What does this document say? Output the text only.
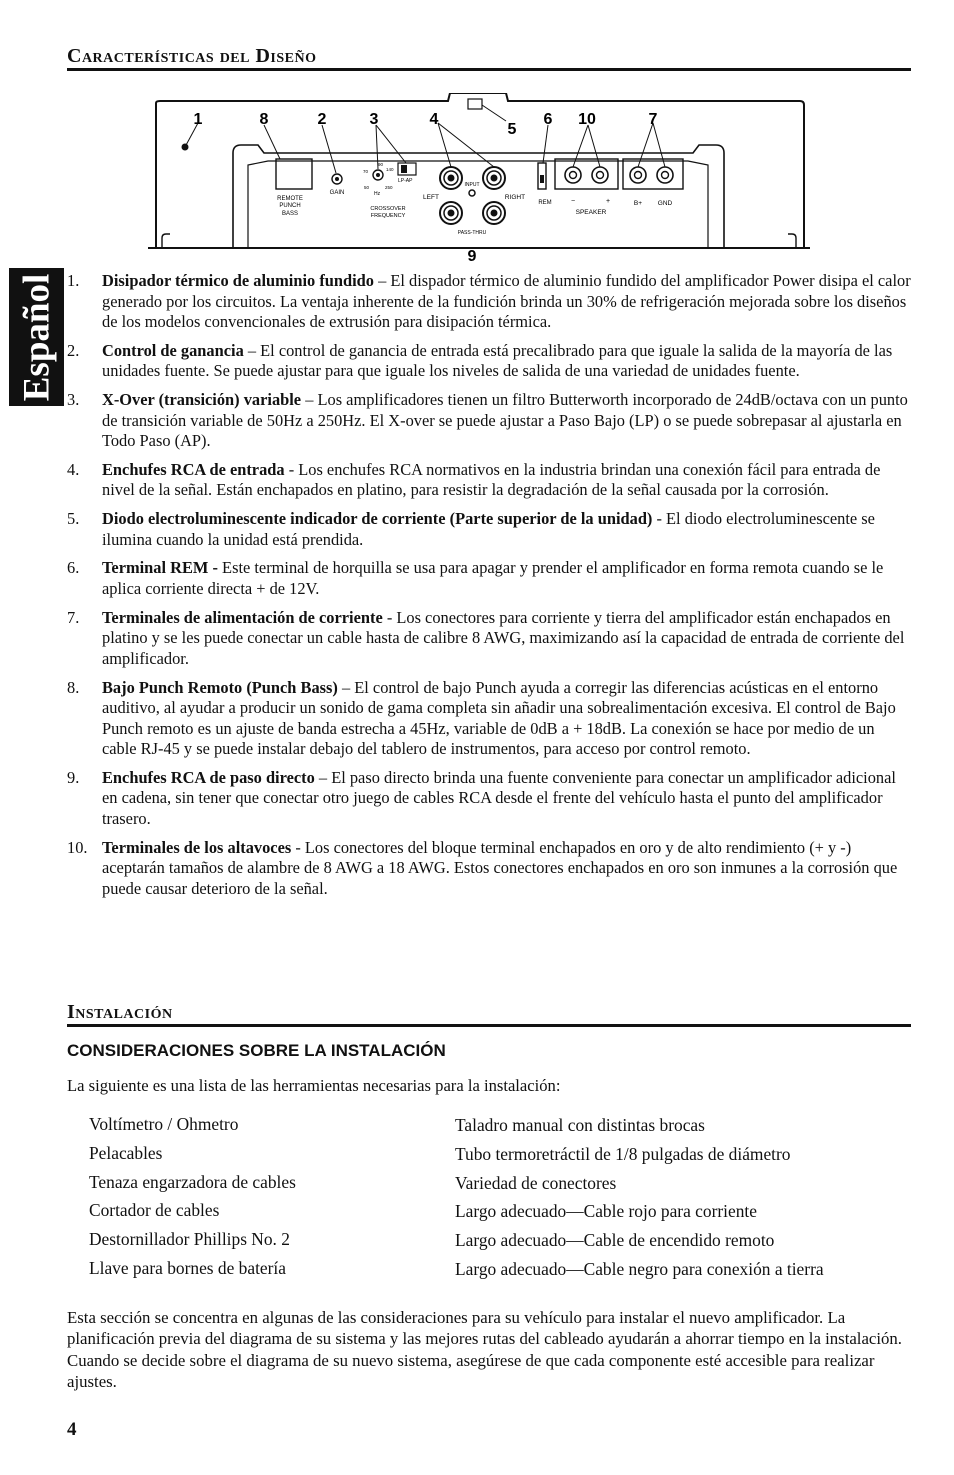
Español
Características del Diseño
REMOTE
PUNCH
BASS
GAIN
70
90
140
50	250
Hz
LP-AP
CROSSOVER
FREQUENCY
INPUT
LEFT	RIGHT
PASS-THRU
REM	−	+
SPEAKER
B+ GND
1	8	2	3	4
5
6 10	7
9
1.	Disipador térmico de aluminio fundido – El dispador térmico de aluminio fundido del amplificador Power disipa el calor generado por los circuitos. La ventaja inherente de la fundición brinda un 30% de refrigeración mejorada sobre los diseños de los modelos convencionales de extrusión para disipación térmica.
2.	Control de ganancia – El control de ganancia de entrada está precalibrado para que iguale la salida de la mayoría de las unidades fuente. Se puede ajustar para que iguale los niveles de salida de una variedad de unidades fuente.
3.	X-Over (transición) variable – Los amplificadores tienen un filtro Butterworth incorporado de 24dB/octava con un punto de transición variable de 50Hz a 250Hz. El X-over se puede ajustar a Paso Bajo (LP) o se puede sobrepasar al ajustarla en Todo Paso (AP).
4.	Enchufes RCA de entrada - Los enchufes RCA normativos en la industria brindan una conexión fácil para entrada de nivel de la señal. Están enchapados en platino, para resistir la degradación de la señal causada por la corrosión.
5.	Diodo electroluminescente indicador de corriente (Parte superior de la unidad) - El diodo electroluminescente se ilumina cuando la unidad está prendida.
6.	Terminal REM - Este terminal de horquilla se usa para apagar y prender el amplificador en forma remota cuando se le aplica corriente directa + de 12V.
7.	Terminales de alimentación de corriente - Los conectores para corriente y tierra del amplificador están enchapados en platino y se les puede conectar un cable hasta de calibre 8 AWG, maximizando así la capacidad de entrada de corriente del amplificador.
8.	Bajo Punch Remoto (Punch Bass) – El control de bajo Punch ayuda a corregir las diferencias acústicas en el entorno auditivo, al ayudar a producir un sonido de gama completa sin añadir una sobrealimentación excesiva. El control de Bajo Punch remoto es un ajuste de banda estrecha a 45Hz, variable de 0dB a + 18dB. La conexión se hace por medio de un cable RJ-45 y se puede instalar debajo del tablero de instrumentos, para acceso por control remoto.
9.	Enchufes RCA de paso directo – El paso directo brinda una fuente conveniente para conectar un amplificador adicional en cadena, sin tener que conectar otro juego de cables RCA desde el frente del vehículo hasta el punto del amplificador trasero.
10. Terminales de los altavoces - Los conectores del bloque terminal enchapados en oro y de alto rendimiento (+ y -) aceptarán tamaños de alambre de 8 AWG a 18 AWG. Estos conectores enchapados en oro son inmunes a la corrosión que puede causar deterioro de la señal.
Instalación
CONSIDERACIONES SOBRE LA INSTALACIÓN
La siguiente es una lista de las herramientas necesarias para la instalación:
Voltímetro / Ohmetro
Pelacables
Tenaza engarzadora de cables
Cortador de cables
Destornillador Phillips No. 2
Llave para bornes de batería
Taladro manual con distintas brocas
Tubo termoretráctil de 1/8 pulgadas de diámetro
Variedad de conectores
Largo adecuado—Cable rojo para corriente
Largo adecuado—Cable de encendido remoto
Largo adecuado—Cable negro para conexión a tierra
Esta sección se concentra en algunas de las consideraciones para su vehículo para instalar el nuevo amplificador. La planificación previa del diagrama de su sistema y las mejores rutas del cableado ayudarán a ahorrar tiempo en la instalación. Cuando se decide sobre el diagrama de su nuevo sistema, asegúrese de que cada componente esté accesible para realizar ajustes.
4
